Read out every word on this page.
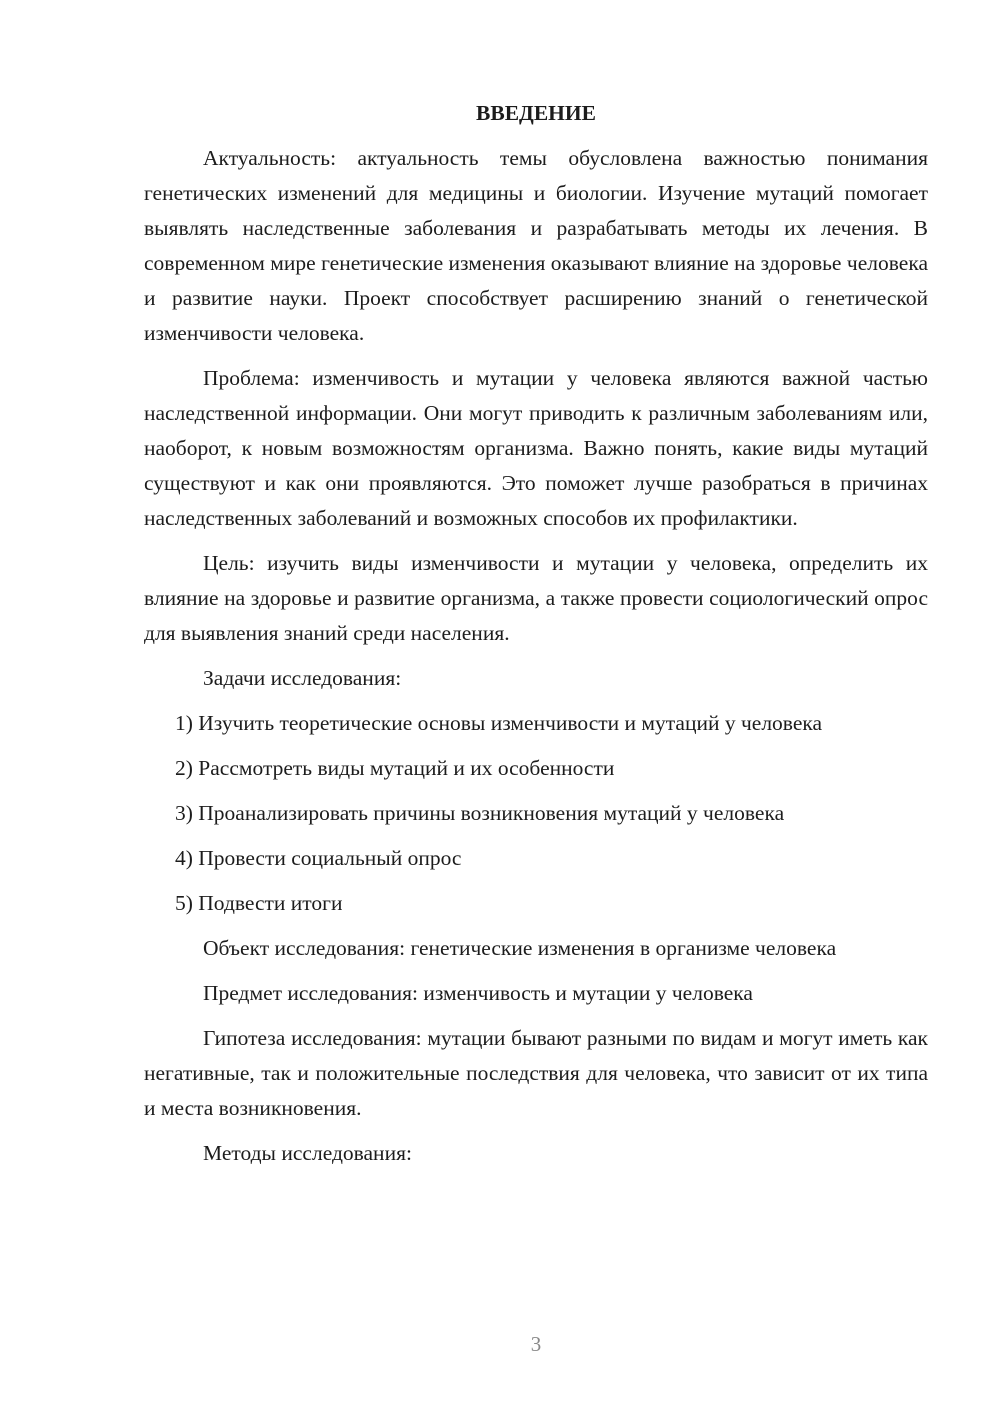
ВВЕДЕНИЕ

Актуальность: актуальность темы обусловлена важностью понимания генетических изменений для медицины и биологии. Изучение мутаций помогает выявлять наследственные заболевания и разрабатывать методы их лечения. В современном мире генетические изменения оказывают влияние на здоровье человека и развитие науки. Проект способствует расширению знаний о генетической изменчивости человека.

Проблема: изменчивость и мутации у человека являются важной частью наследственной информации. Они могут приводить к различным заболеваниям или, наоборот, к новым возможностям организма. Важно понять, какие виды мутаций существуют и как они проявляются. Это поможет лучше разобраться в причинах наследственных заболеваний и возможных способов их профилактики.

Цель: изучить виды изменчивости и мутации у человека, определить их влияние на здоровье и развитие организма, а также провести социологический опрос для выявления знаний среди населения.

Задачи исследования:

1) Изучить теоретические основы изменчивости и мутаций у человека
2) Рассмотреть виды мутаций и их особенности
3) Проанализировать причины возникновения мутаций у человека
4) Провести социальный опрос
5) Подвести итоги

Объект исследования: генетические изменения в организме человека

Предмет исследования: изменчивость и мутации у человека

Гипотеза исследования: мутации бывают разными по видам и могут иметь как негативные, так и положительные последствия для человека, что зависит от их типа и места возникновения.

Методы исследования:

3
